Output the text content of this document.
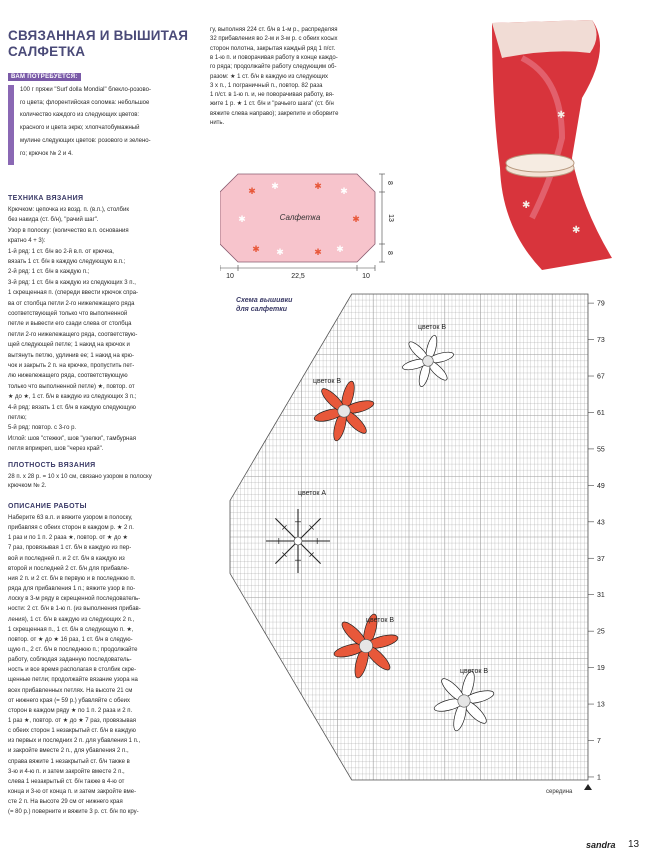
СВЯЗАННАЯ И ВЫШИТАЯ
САЛФЕТКА
ВАМ ПОТРЕБУЕТСЯ:
100 г пряжи "Surf dolla Mondial" блекло-розово-
го цвета; флорентийская соломка: небольшое
количество каждого из следующих цветов:
красного и цвета экрю; хлопчатобумажный
мулине следующих цветов: розового и зелено-
го; крючок № 2 и 4.
ТЕХНИКА ВЯЗАНИЯ
Крючком: цепочка из возд. п. (в.п.), столбик
без накида (ст. б/н), "рачий шаг".
Узор в полоску: (количество в.п. основания
кратно 4 + 3):
1-й ряд: 1 ст. б/н во 2-й в.п. от крючка,
вязать 1 ст. б/н в каждую следующую в.п.;
2-й ряд: 1 ст. б/н в каждую п.;
3-й ряд: 1 ст. б/н в каждую из следующих 3 п.,
1 скрещенная п. (спереди ввести крючок спра-
ва от столбца петли 2-го нижележащего ряда
соответствующей только что выполненной
петле и вывести его сзади слева от столбца
петли 2-го нижележащего ряда, соответствую-
щей следующей петле; 1 накид на крючок и
вытянуть петлю, удлинив ее; 1 накид на крю-
чок и закрыть 2 п. на крючке, пропустить пет-
лю нижележащего ряда, соответствующую
только что выполненной петле) ★, повтор. от
★ до ★, 1 ст. б/н в каждую из следующих 3 п.;
4-й ряд: вязать 1 ст. б/н в каждую следующую
петлю;
5-й ряд: повтор. с 3-го р.
Иглой: шов "стежки", шов "узелки", тамбурная
петля вприкреп, шов "через край".
ПЛОТНОСТЬ ВЯЗАНИЯ
28 п. х 28 р. = 10 х 10 см, связано узором в полоску
крючком № 2.
ОПИСАНИЕ РАБОТЫ
Наберите 63 в.п. и вяжите узором в полоску,
прибавляя с обеих сторон в каждом р. ★ 2 п.
1 раз и по 1 п. 2 раза ★, повтор. от ★ до ★
7 раз, провязывая 1 ст. б/н в каждую из пер-
вой и последней п. и 2 ст. б/н в каждую из
второй и последней 2 ст. б/н для прибавле-
ния 2 п. и 2 ст. б/н в первую и в последнюю п.
ряда для прибавления 1 п.; вяжите узор в по-
лоску в 3-м ряду в скрещенной последователь-
ности: 2 ст. б/н в 1-ю п. (из выполнения прибав-
ления), 1 ст. б/н в каждую из следующих 2 п.,
1 скрещенная п., 1 ст. б/н в следующую п. ★,
повтор. от ★ до ★ 16 раз, 1 ст. б/н в следую-
щую п., 2 ст. б/н в последнюю п.; продолжайте
работу, соблюдая заданную последователь-
ность и все время располагая в столбик скре-
щенные петли; продолжайте вязание узора на
всех прибавленных петлях. На высоте 21 см
от нижнего края (= 59 р.) убавляйте с обеих
сторон в каждом ряду ★ по 1 п. 2 раза и 2 п.
1 раз ★, повтор. от ★ до ★ 7 раз, провязывая
с обеих сторон 1 незакрытый ст. б/н в каждую
из первых и последних 2 п. для убавления 1 п.,
и закройте вместе 2 п., для убавления 2 п.,
справа вяжите 1 незакрытый ст. б/н также в
3-ю и 4-ю п. и затем закройте вместе 2 п.,
слева 1 незакрытый ст. б/н также в 4-ю от
конца и 3-ю от конца п. и затем закройте вме-
сте 2 п. На высоте 29 см от нижнего края
(= 80 р.) поверните и вяжите 3 р. ст. б/н по кру-
гу, выполняя 224 ст. б/н в 1-м р., распределяя
32 прибавления во 2-м и 3-м р. с обеих косых
сторон полотна, закрытая каждый ряд 1 п/ст.
в 1-ю п. и поворачивая работу в конце каждо-
го ряда; продолжайте работу следующим об-
разом: ★ 1 ст. б/н в каждую из следующих
3 х п., 1 пограничный п., повтор. 82 раза
1 п/ст. в 1-ю п. и, не поворачивая работу, вя-
жите 1 р. ★ 1 ст. б/н и "рачьего шага" (ст. б/н
вяжите слева направо); закрепите и оборвите
нить.
✱ ✱	✱ ✱
✱	✱
✱ ✱	✱ ✱
Салфетка
8
13
8
10	22,5	10
✱
✱
✱
Схема вышивки
для салфетки
79
73
67
61
55
49
43
37
31
25
19
13
7
1
середина
цветок В
цветок В
цветок А
цветок В
цветок В
sandra 13
